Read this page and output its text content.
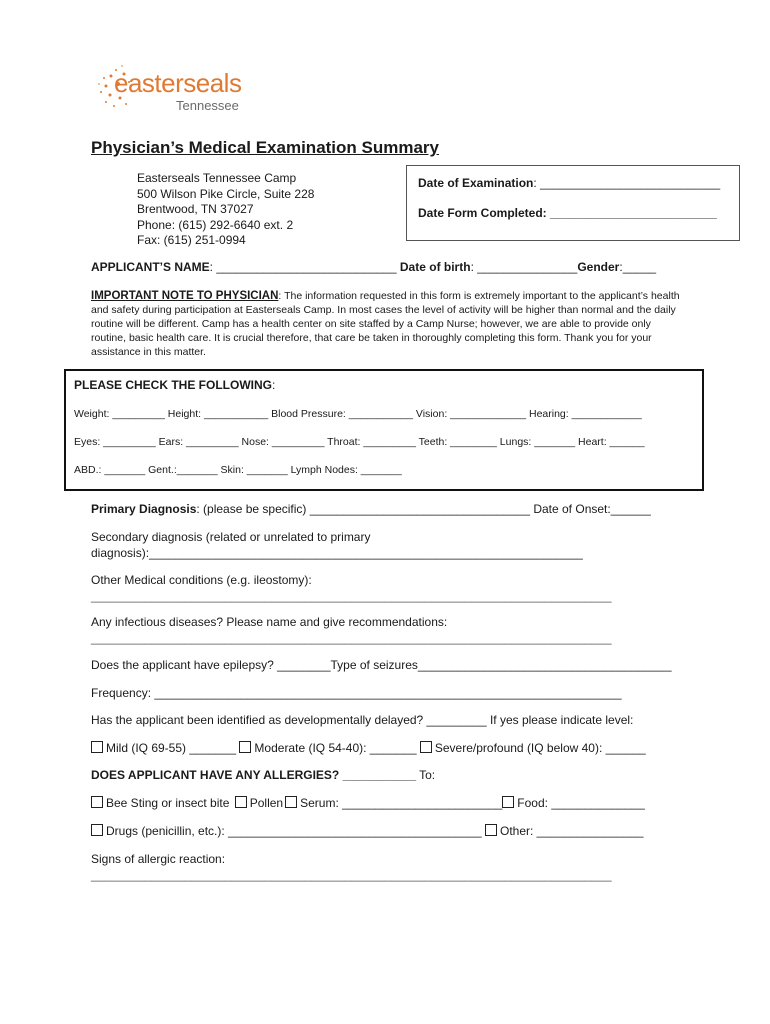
easterseals
Tennessee
Physician’s Medical Examination Summary
Easterseals Tennessee Camp
500 Wilson Pike Circle, Suite 228
Brentwood, TN 37027
Phone: (615) 292-6640 ext. 2
Fax: (615) 251-0994
Date of Examination: ___________________________
Date Form Completed: _________________________
APPLICANT’S NAME: ___________________________ Date of birth: _______________Gender:_____
IMPORTANT NOTE TO PHYSICIAN: The information requested in this form is extremely important to the applicant’s health and safety during participation at Easterseals Camp. In most cases the level of activity will be higher than normal and the daily routine will be different. Camp has a health center on site staffed by a Camp Nurse; however, we are able to provide only routine, basic health care. It is crucial therefore, that care be taken in thoroughly completing this form. Thank you for your assistance in this matter.
PLEASE CHECK THE FOLLOWING:
Weight: _________ Height: ___________ Blood Pressure: ___________ Vision: _____________ Hearing: ____________
Eyes: _________ Ears: _________ Nose: _________ Throat: _________ Teeth: ________ Lungs: _______ Heart: ______
ABD.: _______ Gent.:_______ Skin: _______ Lymph Nodes: _______
Primary Diagnosis: (please be specific) _________________________________ Date of Onset:______
Secondary diagnosis (related or unrelated to primary
diagnosis):_________________________________________________________________
Other Medical conditions (e.g. ileostomy):
______________________________________________________________________________
Any infectious diseases? Please name and give recommendations:
______________________________________________________________________________
Does the applicant have epilepsy? ________Type of seizures______________________________________
Frequency: ______________________________________________________________________
Has the applicant been identified as developmentally delayed? _________ If yes please indicate level:
Mild (IQ 69-55) _______ Moderate (IQ 54-40): _______ Severe/profound (IQ below 40): ______
DOES APPLICANT HAVE ANY ALLERGIES? ___________ To:
Bee Sting or insect bite Pollen Serum: ________________________ Food: ______________
Drugs (penicillin, etc.): ______________________________________ Other: ________________
Signs of allergic reaction:
______________________________________________________________________________
